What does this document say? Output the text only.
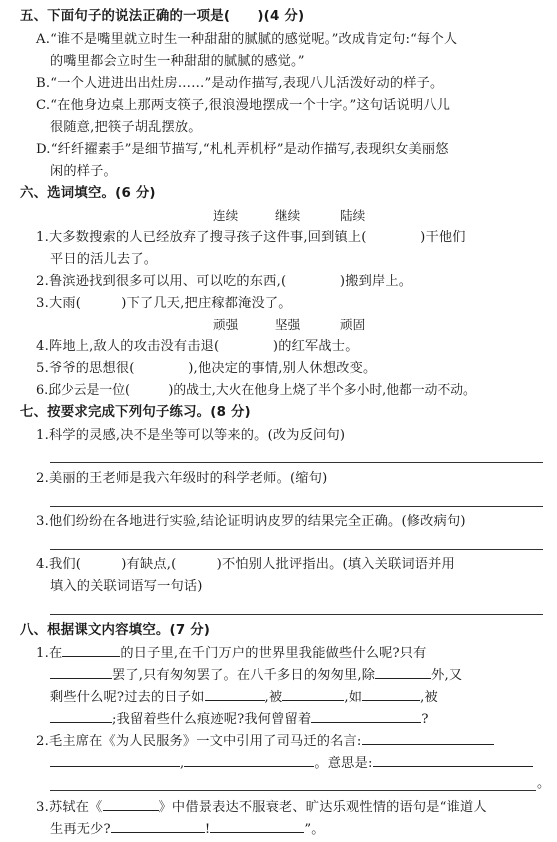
五、下面句子的说法正确的一项是(　　)(4 分)
A.“谁不是嘴里就立时生一种甜甜的腻腻的感觉呢。”改成肯定句:“每个人
的嘴里都会立时生一种甜甜的腻腻的感觉。”
B.“一个人进进出出灶房……”是动作描写,表现八儿活泼好动的样子。
C.“在他身边桌上那两支筷子,很浪漫地摆成一个十字。”这句话说明八儿
很随意,把筷子胡乱摆放。
D.“纤纤擢素手”是细节描写,“札札弄机杼”是动作描写,表现织女美丽悠
闲的样子。
六、选词填空。(6 分)
连续	继续	陆续
1.大多数搜索的人已经放弃了搜寻孩子这件事,回到镇上(　　　　)干他们
平日的活儿去了。
2.鲁滨逊找到很多可以用、可以吃的东西,(　　　　)搬到岸上。
3.大雨(　　　)下了几天,把庄稼都淹没了。
顽强	坚强	顽固
4.阵地上,敌人的攻击没有击退(　　　　)的红军战士。
5.爷爷的思想很(　　　　),他决定的事情,别人休想改变。
6.邱少云是一位(　　　)的战士,大火在他身上烧了半个多小时,他都一动不动。
七、按要求完成下列句子练习。(8 分)
1.科学的灵感,决不是坐等可以等来的。(改为反问句)
2.美丽的王老师是我六年级时的科学老师。(缩句)
3.他们纷纷在各地进行实验,结论证明讷皮罗的结果完全正确。(修改病句)
4.我们(　　　)有缺点,(　　　)不怕别人批评指出。(填入关联词语并用
填入的关联词语写一句话)
八、根据课文内容填空。(7 分)
1.在	的日子里,在千门万户的世界里我能做些什么呢?只有
罢了,只有匆匆罢了。在八千多日的匆匆里,除	外,又
剩些什么呢?过去的日子如	,被	,如	,被
;我留着些什么痕迹呢?我何曾留着	?
2.毛主席在《为人民服务》一文中引用了司马迁的名言:
,	。意思是:
。
3.苏轼在《	》中借景表达不服衰老、旷达乐观性情的语句是“谁道人
生再无少?	!	”。
